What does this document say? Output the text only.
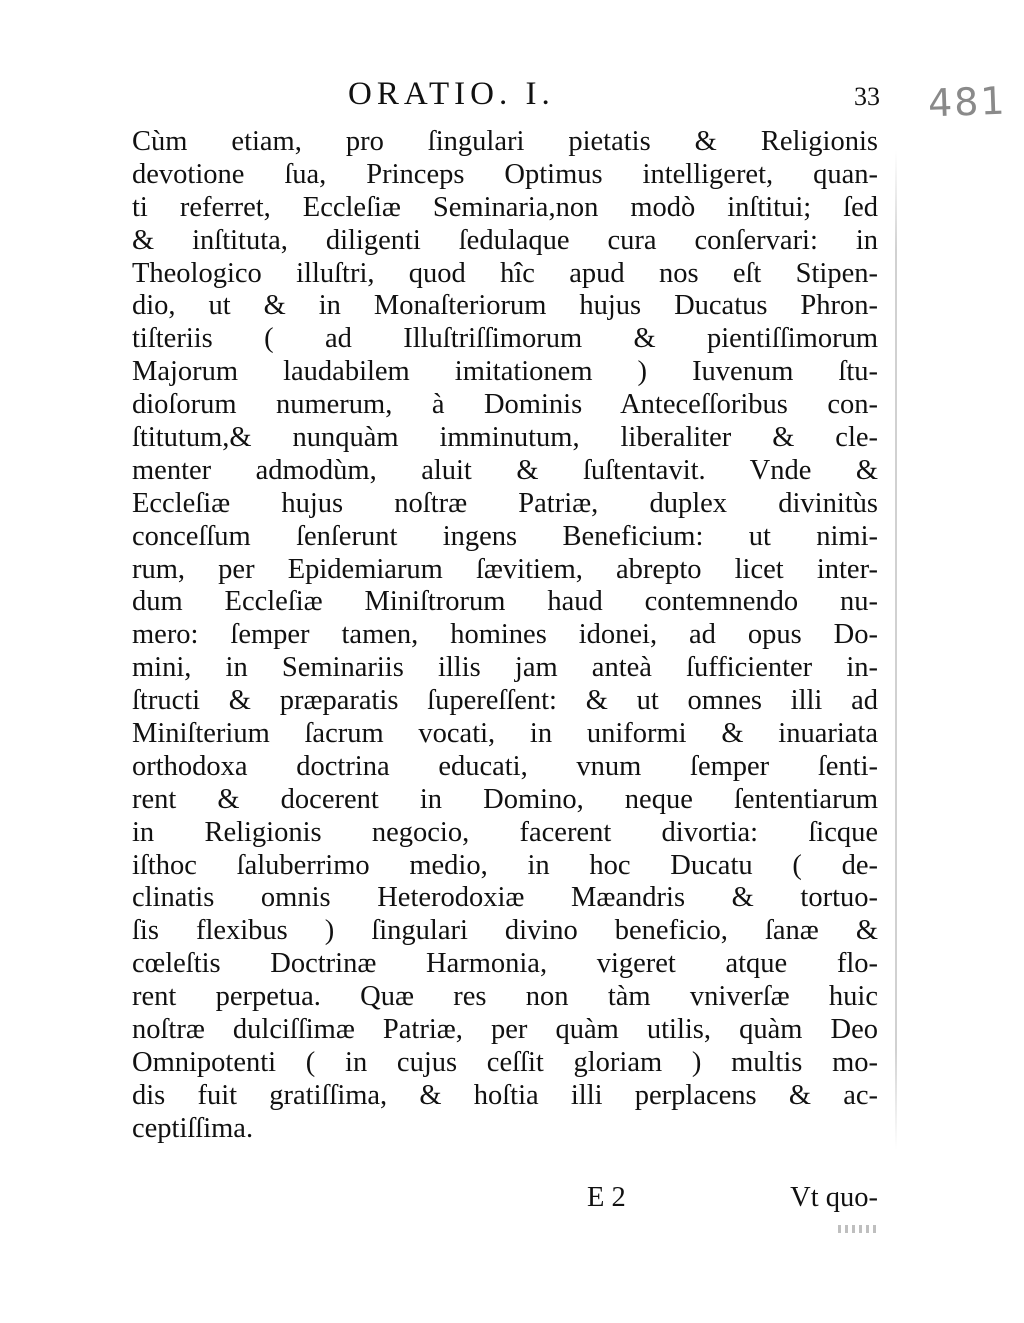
ORATIO. I.	33 481
Cùm etiam, pro ſingulari pietatis & Religionis
devotione ſua, Princeps Optimus intelligeret, quan-
ti referret, Eccleſiæ Seminaria,non modò inſtitui; ſed
& inſtituta, diligenti ſedulaque cura conſervari: in
Theologico illuſtri, quod hîc apud nos eſt Stipen-
dio, ut & in Monaſteriorum hujus Ducatus Phron-
tiſteriis ( ad Illuſtriſſimorum & pientiſſimorum
Majorum laudabilem imitationem ) Iuvenum ſtu-
dioſorum numerum, à Dominis Anteceſſoribus con-
ſtitutum,& nunquàm imminutum, liberaliter & cle-
menter admodùm, aluit & ſuſtentavit. Vnde &
Eccleſiæ hujus noſtræ Patriæ, duplex divinitùs
conceſſum ſenſerunt ingens Beneficium: ut nimi-
rum, per Epidemiarum ſævitiem, abrepto licet inter-
dum Eccleſiæ Miniſtrorum haud contemnendo nu-
mero: ſemper tamen, homines idonei, ad opus Do-
mini, in Seminariis illis jam anteà ſufficienter in-
ſtructi & præparatis ſupereſſent: & ut omnes illi ad
Miniſterium ſacrum vocati, in uniformi & inuariata
orthodoxa doctrina educati, vnum ſemper ſenti-
rent & docerent in Domino, neque ſententiarum
in Religionis negocio, facerent divortia: ſicque
iſthoc ſaluberrimo medio, in hoc Ducatu ( de-
clinatis omnis Heterodoxiæ Mæandris & tortuo-
ſis flexibus ) ſingulari divino beneficio, ſanæ &
cœleſtis Doctrinæ Harmonia, vigeret atque flo-
rent perpetua. Quæ res non tàm vniverſæ huic
noſtræ dulciſſimæ Patriæ, per quàm utilis, quàm Deo
Omnipotenti ( in cujus ceſſit gloriam ) multis mo-
dis fuit gratiſſima, & hoſtia illi perplacens & ac-
ceptiſſima.
E 2	Vt quo-
